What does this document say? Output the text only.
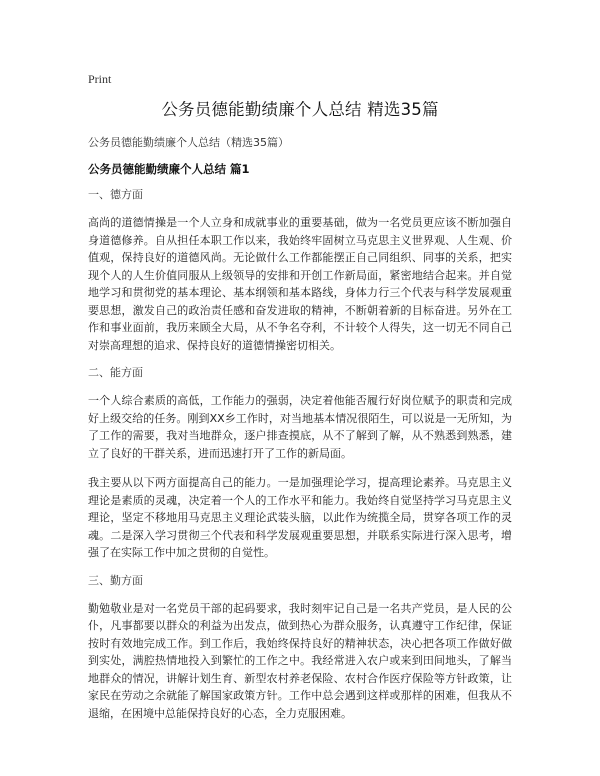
Print

公务员德能勤绩廉个人总结 精选35篇

公务员德能勤绩廉个人总结（精选35篇）

公务员德能勤绩廉个人总结 篇1

一、德方面

高尚的道德情操是一个人立身和成就事业的重要基础，做为一名党员更应该不断加强自身道德修养。自从担任本职工作以来，我始终牢固树立马克思主义世界观、人生观、价值观，保持良好的道德风尚。无论做什么工作都能摆正自己同组织、同事的关系，把实现个人的人生价值同服从上级领导的安排和开创工作新局面，紧密地结合起来。并自觉地学习和贯彻党的基本理论、基本纲领和基本路线，身体力行三个代表与科学发展观重要思想，激发自己的政治责任感和奋发进取的精神，不断朝着新的目标奋进。另外在工作和事业面前，我历来顾全大局，从不争名夺利，不计较个人得失，这一切无不同自己对崇高理想的追求、保持良好的道德情操密切相关。

二、能方面

一个人综合素质的高低，工作能力的强弱，决定着他能否履行好岗位赋予的职责和完成好上级交给的任务。刚到XX乡工作时，对当地基本情况很陌生，可以说是一无所知，为了工作的需要，我对当地群众，逐户排查摸底，从不了解到了解，从不熟悉到熟悉，建立了良好的干群关系，进而迅速打开了工作的新局面。

我主要从以下两方面提高自己的能力。一是加强理论学习，提高理论素养。马克思主义理论是素质的灵魂，决定着一个人的工作水平和能力。我始终自觉坚持学习马克思主义理论，坚定不移地用马克思主义理论武装头脑，以此作为统揽全局，贯穿各项工作的灵魂。二是深入学习贯彻三个代表和科学发展观重要思想，并联系实际进行深入思考，增强了在实际工作中加之贯彻的自觉性。

三、勤方面

勤勉敬业是对一名党员干部的起码要求，我时刻牢记自己是一名共产党员，是人民的公仆，凡事都要以群众的利益为出发点，做到热心为群众服务，认真遵守工作纪律，保证按时有效地完成工作。到工作后，我始终保持良好的精神状态，决心把各项工作做好做到实处，满腔热情地投入到繁忙的工作之中。我经常进入农户或来到田间地头，了解当地群众的情况，讲解计划生育、新型农村养老保险、农村合作医疗保险等方针政策，让家民在劳动之余就能了解国家政策方针。工作中总会遇到这样或那样的困难，但我从不退缩，在困境中总能保持良好的心态，全力克服困难。
